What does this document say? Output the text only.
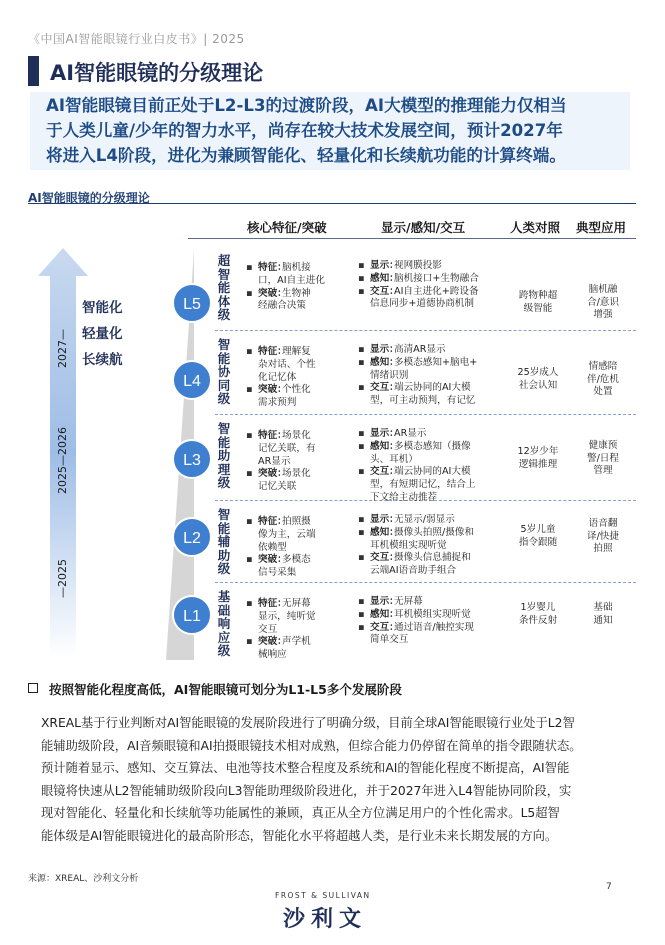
《中国AI智能眼镜行业白皮书》| 2025
AI智能眼镜的分级理论
AI智能眼镜目前正处于L2-L3的过渡阶段，AI大模型的推理能力仅相当
于人类儿童/少年的智力水平，尚存在较大技术发展空间，预计2027年
将进入L4阶段，进化为兼顾智能化、轻量化和长续航功能的计算终端。
AI智能眼镜的分级理论
核心特征/突破	显示/感知/交互	人类对照 典型应用
智能化
轻量化
长续航
2027—
2025—2026
—2025
L5
L4
L3
L2
L1
超
智
能
体
级
▪ 特征：
脑机接
口，AI自主进化
▪ 突破：
生物神
经融合决策
▪ 显示：
视网膜投影
▪ 感知：
脑机接口+生物融合
▪ 交互：
AI自主进化+跨设备
信息同步+道德协商机制
跨物种超
级智能
脑机融
合/意识
增强
智
能
协
同
级
▪ 特征：
理解复
杂对话、个性
化记忆体
▪ 突破：
个性化
需求预判
▪ 显示：
高清AR显示
▪ 感知：
多模态感知+脑电+
情绪识别
▪ 交互：
端云协同的AI大模
型，可主动预判，有记忆
25岁成人
社会认知
情感陪
伴/危机
处置
智
能
助
理
级
▪ 特征：
场景化
记忆关联，有
AR显示
▪ 突破：
场景化
记忆关联
▪ 显示：
AR显示
▪ 感知：
多模态感知（摄像
头、耳机）
▪ 交互：
端云协同的AI大模
型，有短期记忆，结合上
下文给主动推荐
12岁少年
逻辑推理
健康预
警/日程
管理
智
能
辅
助
级
▪ 特征：
拍照摄
像为主，云端
依赖型
▪ 突破：
多模态
信号采集
▪ 显示：
无显示/弱显示
▪ 感知：
摄像头拍照/摄像和
耳机模组实现听觉
▪ 交互：
摄像头信息捕捉和
云端AI语音助手组合
5岁儿童
指令跟随
语音翻
译/快捷
拍照
基
础
响
应
级
▪ 特征：
无屏幕
显示，纯听觉
交互
▪ 突破：
声学机
械响应
▪ 显示：
无屏幕
▪ 感知：
耳机模组实现听觉
▪ 交互：
通过语音/触控实现
简单交互
1岁婴儿
条件反射
基础
通知
按照智能化程度高低，AI智能眼镜可划分为L1-L5多个发展阶段
XREAL基于行业判断对AI智能眼镜的发展阶段进行了明确分级，目前全球AI智能眼镜行业处于L2智
能辅助级阶段，AI音频眼镜和AI拍摄眼镜技术相对成熟，但综合能力仍停留在简单的指令跟随状态。
预计随着显示、感知、交互算法、电池等技术整合程度及系统和AI的智能化程度不断提高，AI智能
眼镜将快速从L2智能辅助级阶段向L3智能助理级阶段进化，并于2027年进入L4智能协同阶段，实
现对智能化、轻量化和长续航等功能属性的兼顾，真正从全方位满足用户的个性化需求。L5超智
能体级是AI智能眼镜进化的最高阶形态，智能化水平将超越人类，是行业未来长期发展的方向。
来源：XREAL、沙利文分析
FROST & SULLIVAN
沙利文
7
